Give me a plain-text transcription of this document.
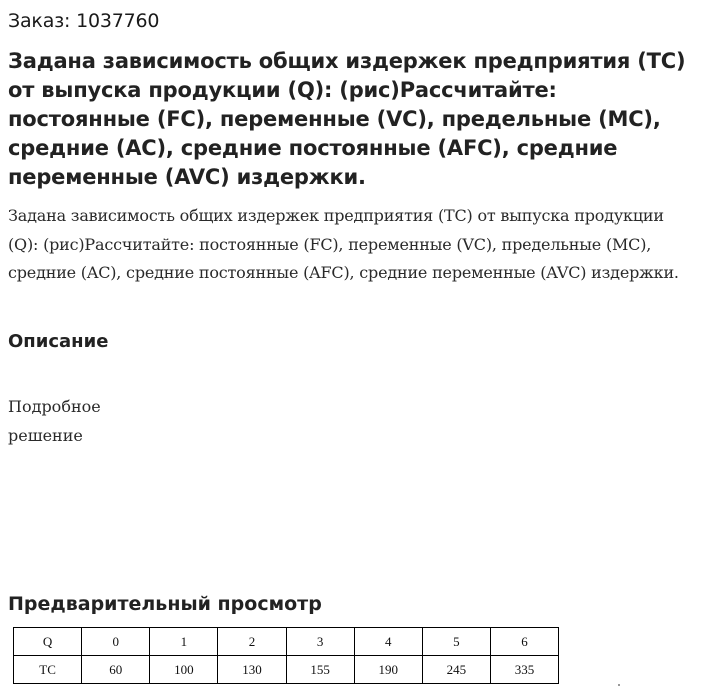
Заказ: 1037760
Задана зависимость общих издержек предприятия (TC) от выпуска продукции (Q): (рис)Рассчитайте: постоянные (FC), переменные (VC), предельные (MC), средние (AC), средние постоянные (AFC), средние переменные (AVC) издержки.

Задана зависимость общих издержек предприятия (TC) от выпуска продукции (Q): (рис)Рассчитайте: постоянные (FC), переменные (VC), предельные (MC), средние (AC), средние постоянные (AFC), средние переменные (AVC) издержки.

Описание

Подробное решение

Предварительный просмотр
Q	0	1	2	3	4	5	6
TC	60	100	130	155	190	245	335
